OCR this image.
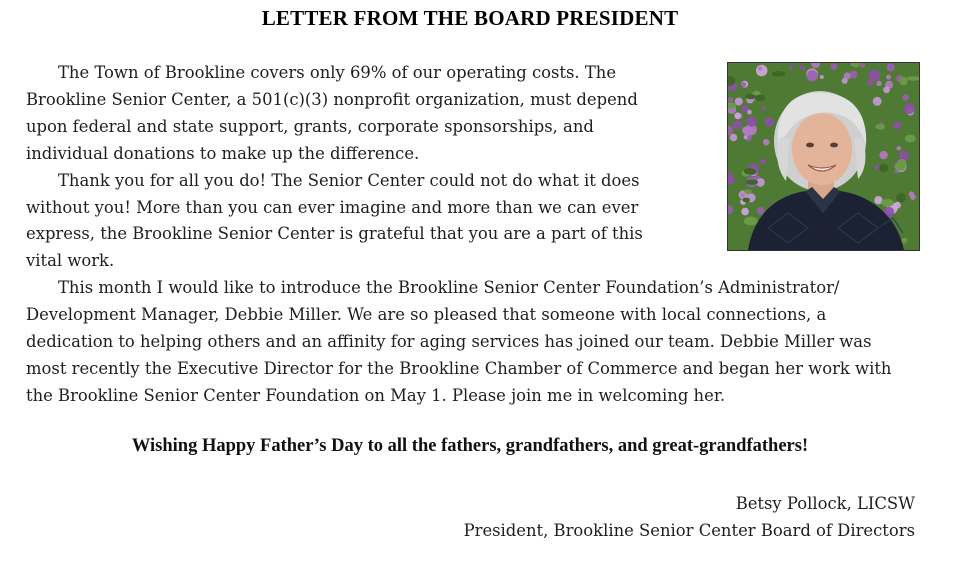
LETTER FROM THE BOARD PRESIDENT

The Town of Brookline covers only 69% of our operating costs. The Brookline Senior Center, a 501(c)(3) nonprofit organization, must depend upon federal and state support, grants, corporate sponsorships, and individual donations to make up the difference.

Thank you for all you do! The Senior Center could not do what it does without you! More than you can ever imagine and more than we can ever express, the Brookline Senior Center is grateful that you are a part of this vital work.

This month I would like to introduce the Brookline Senior Center Foundation’s Administrator/ Development Manager, Debbie Miller. We are so pleased that someone with local connections, a dedication to helping others and an affinity for aging services has joined our team. Debbie Miller was most recently the Executive Director for the Brookline Chamber of Commerce and began her work with the Brookline Senior Center Foundation on May 1. Please join me in welcoming her.

Wishing Happy Father’s Day to all the fathers, grandfathers, and great-grandfathers!
Betsy Pollock, LICSW
President, Brookline Senior Center Board of Directors
